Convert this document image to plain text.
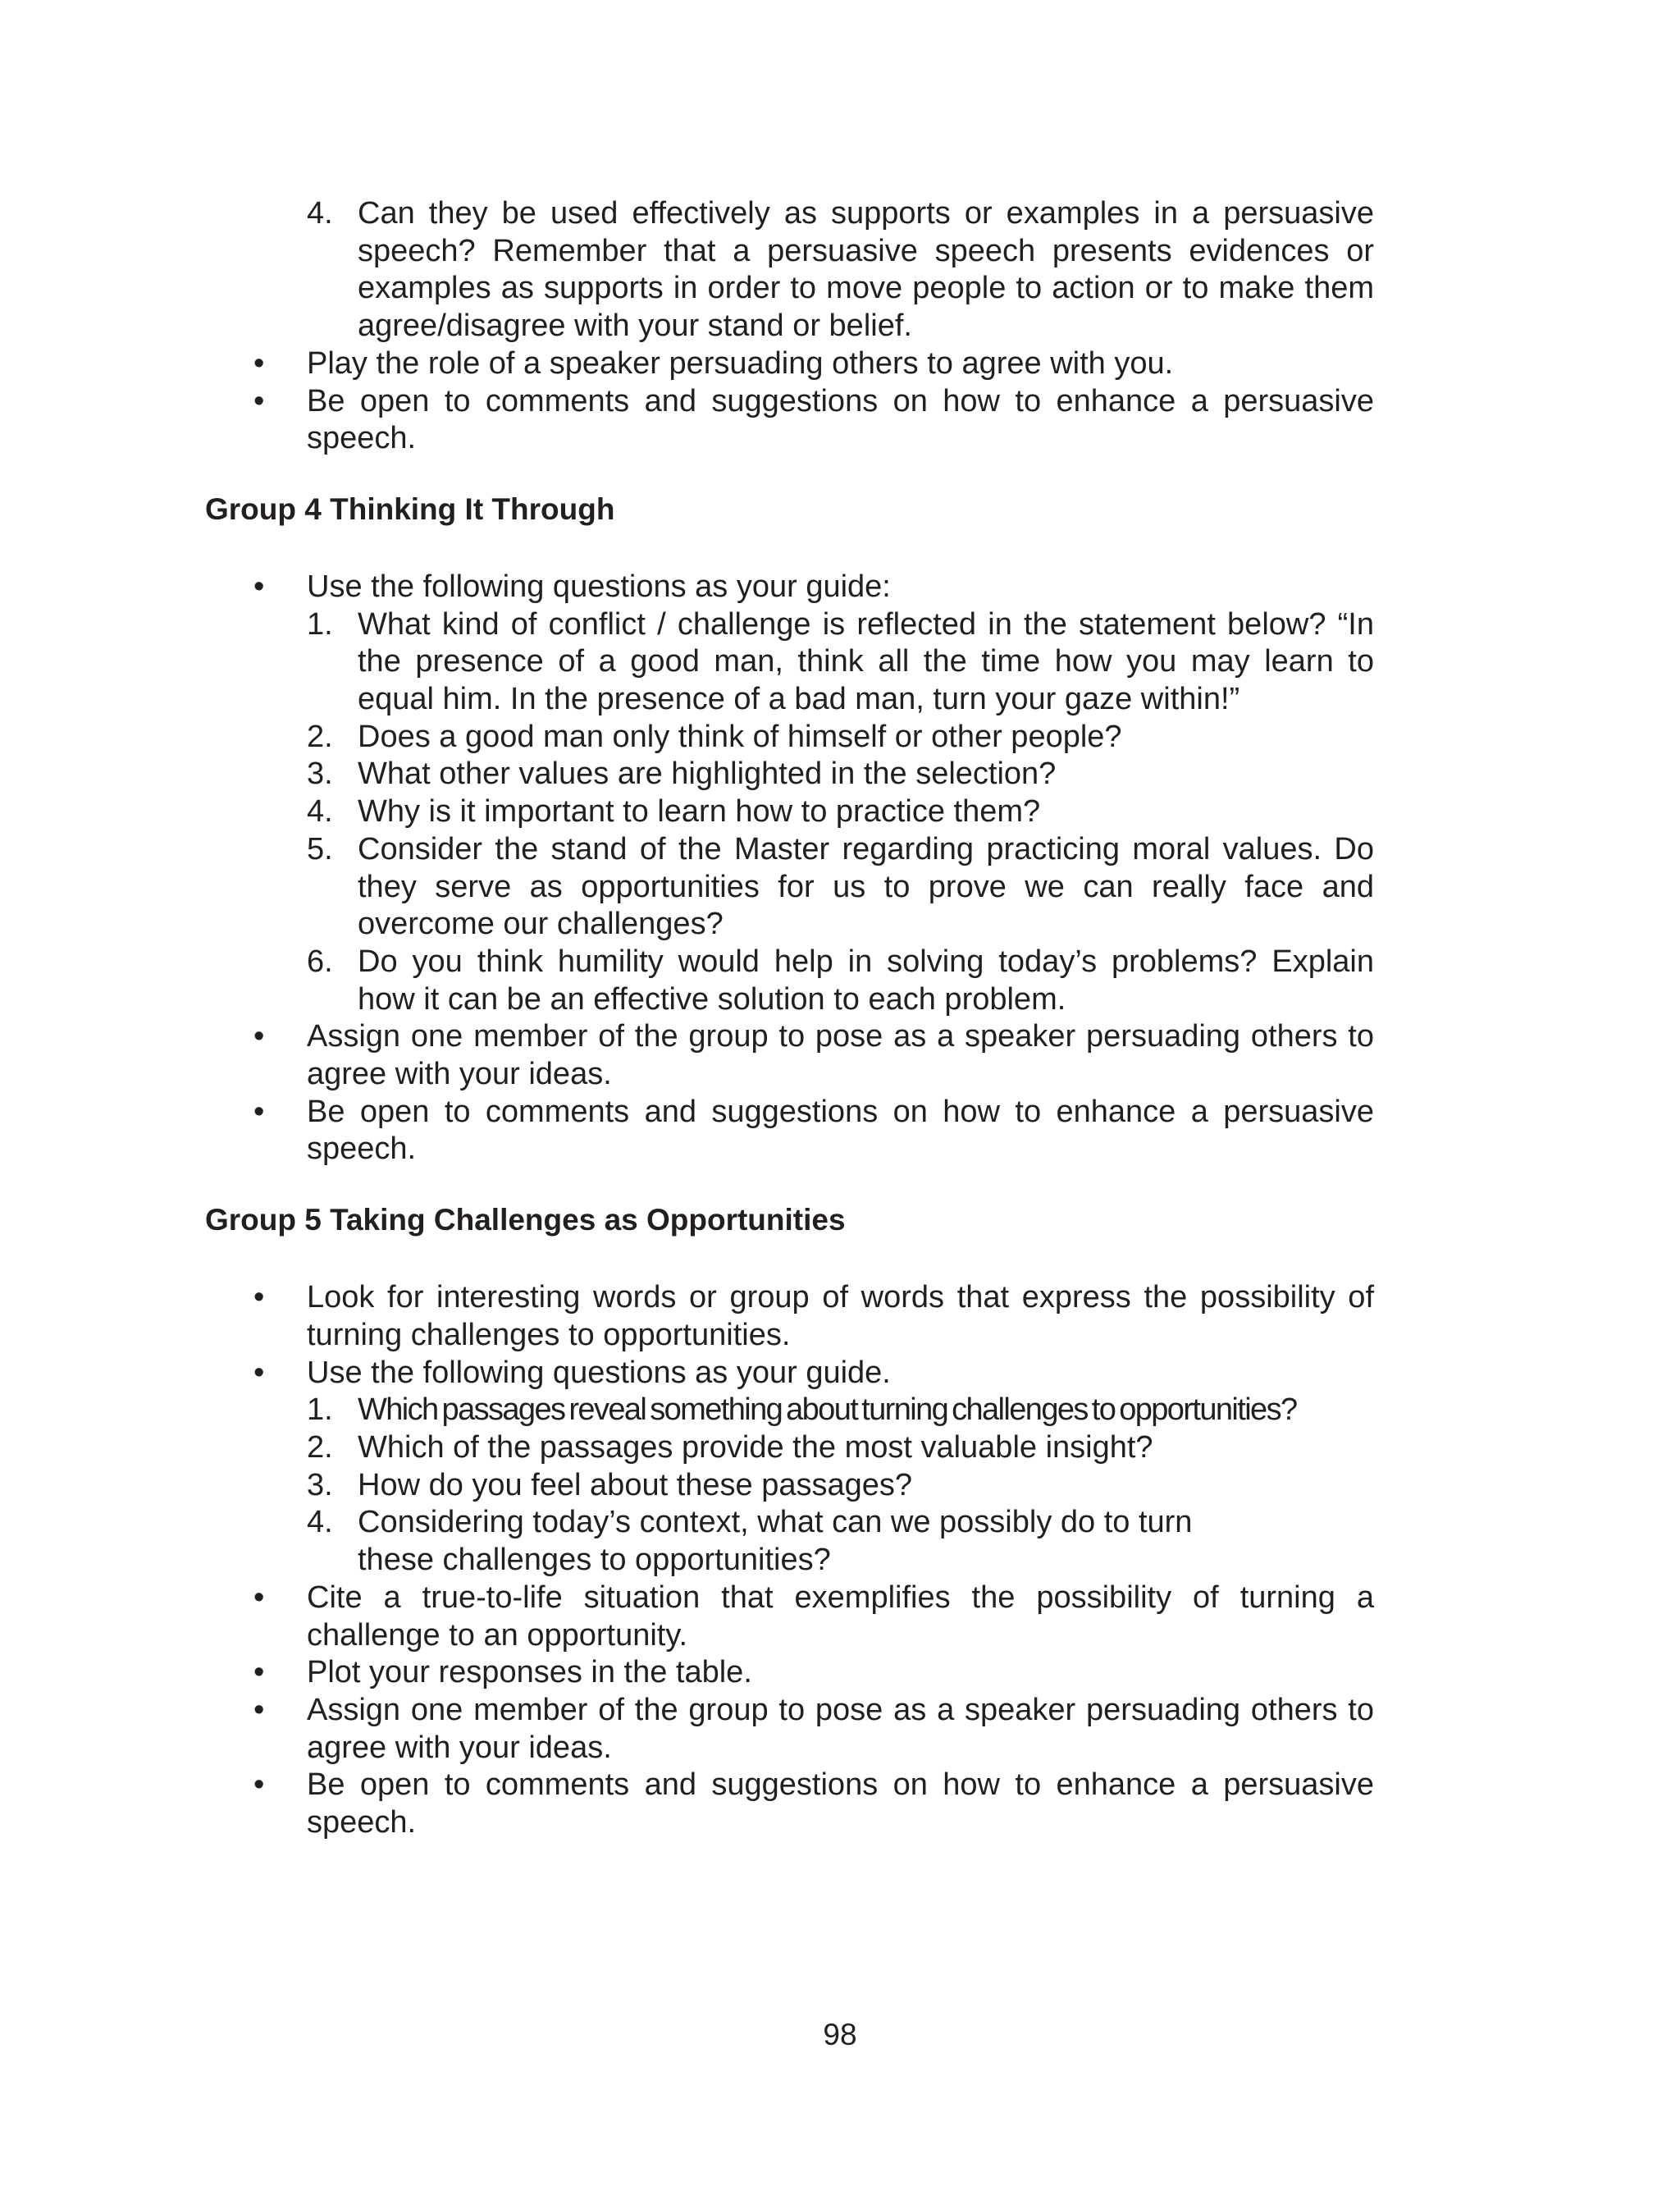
4. Can they be used effectively as supports or examples in a persuasive speech? Remember that a persuasive speech presents evidences or examples as supports in order to move people to action or to make them agree/disagree with your stand or belief.
• Play the role of a speaker persuading others to agree with you.
• Be open to comments and suggestions on how to enhance a persuasive speech.
Group 4 Thinking It Through
• Use the following questions as your guide:
1. What kind of conflict / challenge is reflected in the statement below? “In the presence of a good man, think all the time how you may learn to equal him. In the presence of a bad man, turn your gaze within!”
2. Does a good man only think of himself or other people?
3. What other values are highlighted in the selection?
4. Why is it important to learn how to practice them?
5. Consider the stand of the Master regarding practicing moral values. Do they serve as opportunities for us to prove we can really face and overcome our challenges?
6. Do you think humility would help in solving today’s problems? Explain how it can be an effective solution to each problem.
• Assign one member of the group to pose as a speaker persuading others to agree with your ideas.
• Be open to comments and suggestions on how to enhance a persuasive speech.
Group 5 Taking Challenges as Opportunities
• Look for interesting words or group of words that express the possibility of turning challenges to opportunities.
• Use the following questions as your guide.
1. Which passages reveal something about turning challenges to opportunities?
2. Which of the passages provide the most valuable insight?
3. How do you feel about these passages?
4. Considering today’s context, what can we possibly do to turn these challenges to opportunities?
• Cite a true-to-life situation that exemplifies the possibility of turning a challenge to an opportunity.
• Plot your responses in the table.
• Assign one member of the group to pose as a speaker persuading others to agree with your ideas.
• Be open to comments and suggestions on how to enhance a persuasive speech.
98
